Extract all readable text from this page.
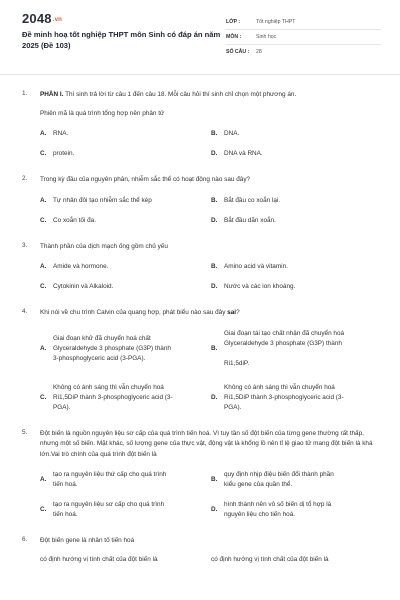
2048.vn
Đề minh hoạ tốt nghiệp THPT môn Sinh có đáp án năm 2025 (Đề 103)
LỚP :	Tốt nghiệp THPT
MÔN :	Sinh học
SỐ CÂU :	28
1. PHẦN I. Thí sinh trả lời từ câu 1 đến câu 18. Mỗi câu hỏi thí sinh chỉ chọn một phương án.
Phiên mã là quá trình tổng hợp nên phân tử
A.	RNA.	B.	DNA.
C.	protein.	D.	DNA và RNA.
2. Trong kỳ đầu của nguyên phân, nhiễm sắc thể có hoạt động nào sau đây?
A.	Tự nhân đôi tạo nhiễm sắc thể kép	B.	Bắt đầu co xoắn lại.
C.	Co xoắn tối đa.	D.	Bắt đầu dãn xoắn.
3. Thành phần của dịch mạch ống gồm chủ yếu
A.	Amide và hormone.	B.	Amino acid và vitamin.
C.	Cytokinin và Alkaloid.	D.	Nước và các ion khoáng.
4. Khi nói về chu trình Calvin của quang hợp, phát biểu nào sau đây sai?
A.
Giai đoạn khử đã chuyển hoá chất
Glyceraldehyde 3 phosphate (G3P) thành
3-phosphoglyceric acid (3-PGA).
B.
Giai đoạn tái tạo chất nhận đã chuyển hoá
Glyceraldehyde 3 phosphate (G3P) thành

Ri1,5diP.
C.
Không có ánh sáng thì vẫn chuyển hoá
Ri1,5DiP thành 3-phosphoglyceric acid (3-
PGA).
D.
Không có ánh sáng thì vẫn chuyển hoá
Ri1,5DiP thành 3-phosphoglyceric acid (3-
PGA).
5. Đột biến là nguồn nguyên liệu sơ cấp của quá trình tiến hoá. Vì tuy tần số đột biến của từng gene thường rất thấp, nhưng một số biến. Mặt khác, số lượng gene của thực vật, động vật là khổng lồ nên tỉ lệ giao tử mang đột biến là khá lớn.Vai trò chính của quá trình đột biến là
A.
tạo ra nguyên liệu thứ cấp cho quá trình
tiến hoá.
B.
quy định nhịp điệu biến đổi thành phần
kiểu gene của quần thể.
C.
tạo ra nguyên liệu sơ cấp cho quá trình
tiến hoá.
D.
hình thành nên vô số biến dị tổ hợp là
nguyên liệu cho tiến hoá.
6. Đột biến gene là nhân tố tiến hoá
có định hướng vị tính chất của đột biến là	có định hướng vị tính chất của đột biến là
